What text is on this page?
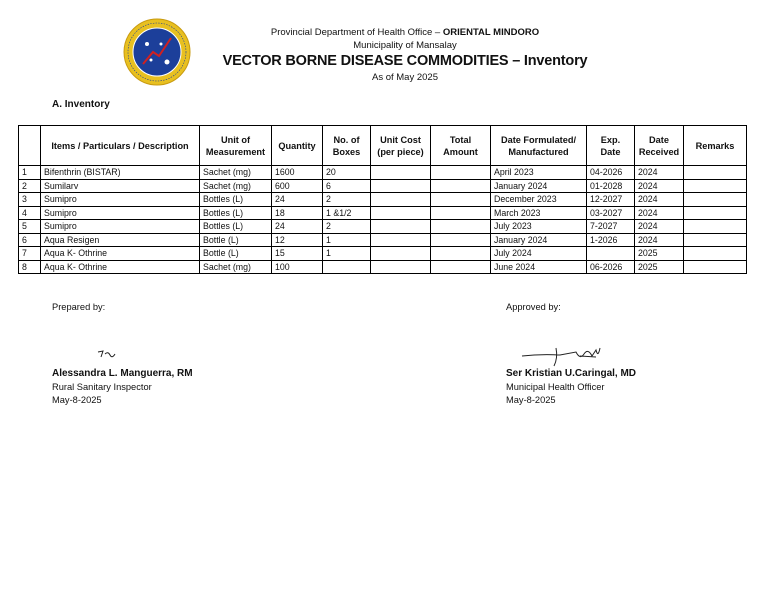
Provincial Department of Health Office – ORIENTAL MINDORO
Municipality of Mansalay
VECTOR BORNE DISEASE COMMODITIES – Inventory
As of May 2025
A. Inventory
	Items / Particulars / Description	Unit of Measurement	Quantity	No. of Boxes	Unit Cost (per piece)	Total Amount	Date Formulated/ Manufactured	Exp. Date	Date Received	Remarks
1	Bifenthrin (BISTAR)	Sachet (mg)	1600	20			April 2023	04-2026	2024	
2	Sumilarv	Sachet (mg)	600	6			January 2024	01-2028	2024	
3	Sumipro	Bottles (L)	24	2			December 2023	12-2027	2024	
4	Sumipro	Bottles (L)	18	1 &1/2			March 2023	03-2027	2024	
5	Sumipro	Bottles (L)	24	2			July 2023	7-2027	2024	
6	Aqua Resigen	Bottle (L)	12	1			January 2024	1-2026	2024	
7	Aqua K- Othrine	Bottle (L)	15	1			July 2024		2025	
8	Aqua K- Othrine	Sachet (mg)	100				June 2024	06-2026	2025	
Prepared by:
Alessandra L. Manguerra, RM
Rural Sanitary Inspector
May-8-2025
Approved by:
Ser Kristian U.Caringal, MD
Municipal Health Officer
May-8-2025
